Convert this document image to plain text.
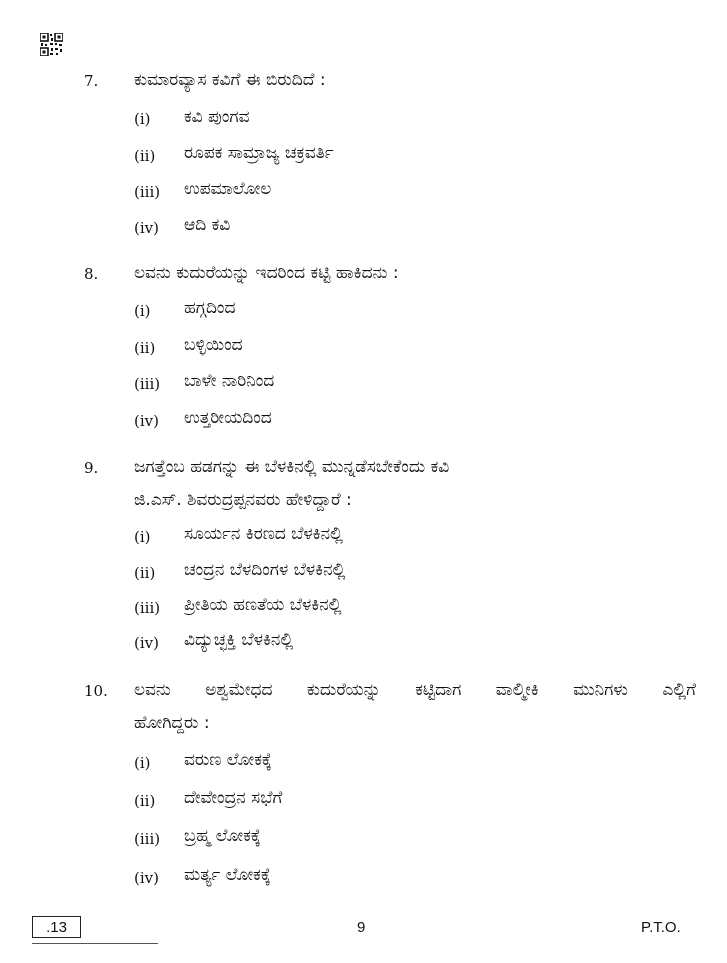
7. ಕುಮಾರವ್ಯಾಸ ಕವಿಗೆ ಈ ಬಿರುದಿದೆ :
(i) ಕವಿ ಪುಂಗವ
(ii) ರೂಪಕ ಸಾಮ್ರಾಜ್ಯ ಚಕ್ರವರ್ತಿ
(iii) ಉಪಮಾಲೋಲ
(iv) ಆದಿ ಕವಿ
8. ಲವನು ಕುದುರೆಯನ್ನು ಇದರಿಂದ ಕಟ್ಟಿ ಹಾಕಿದನು :
(i) ಹಗ್ಗದಿಂದ
(ii) ಬಳ್ಳಿಯಿಂದ
(iii) ಬಾಳೇ ನಾರಿನಿಂದ
(iv) ಉತ್ತರೀಯದಿಂದ
9. ಜಗತ್ತೆಂಬ ಹಡಗನ್ನು ಈ ಬೆಳಕಿನಲ್ಲಿ ಮುನ್ನಡೆಸಬೇಕೆಂದು ಕವಿ
ಜಿ.ಎಸ್. ಶಿವರುದ್ರಪ್ಪನವರು ಹೇಳಿದ್ದಾರೆ :
(i) ಸೂರ್ಯನ ಕಿರಣದ ಬೆಳಕಿನಲ್ಲಿ
(ii) ಚಂದ್ರನ ಬೆಳದಿಂಗಳ ಬೆಳಕಿನಲ್ಲಿ
(iii) ಪ್ರೀತಿಯ ಹಣತೆಯ ಬೆಳಕಿನಲ್ಲಿ
(iv) ವಿದ್ಯುಚ್ಛಕ್ತಿ ಬೆಳಕಿನಲ್ಲಿ
10. ಲವನು ಅಶ್ವಮೇಧದ ಕುದುರೆಯನ್ನು ಕಟ್ಟಿದಾಗ ವಾಲ್ಮೀಕಿ ಮುನಿಗಳು ಎಲ್ಲಿಗೆ
ಹೋಗಿದ್ದರು :
(i) ವರುಣ ಲೋಕಕ್ಕೆ
(ii) ದೇವೇಂದ್ರನ ಸಭೆಗೆ
(iii) ಬ್ರಹ್ಮ ಲೋಕಕ್ಕೆ
(iv) ಮರ್ತ್ಯ ಲೋಕಕ್ಕೆ
.13	9	P.T.O.
